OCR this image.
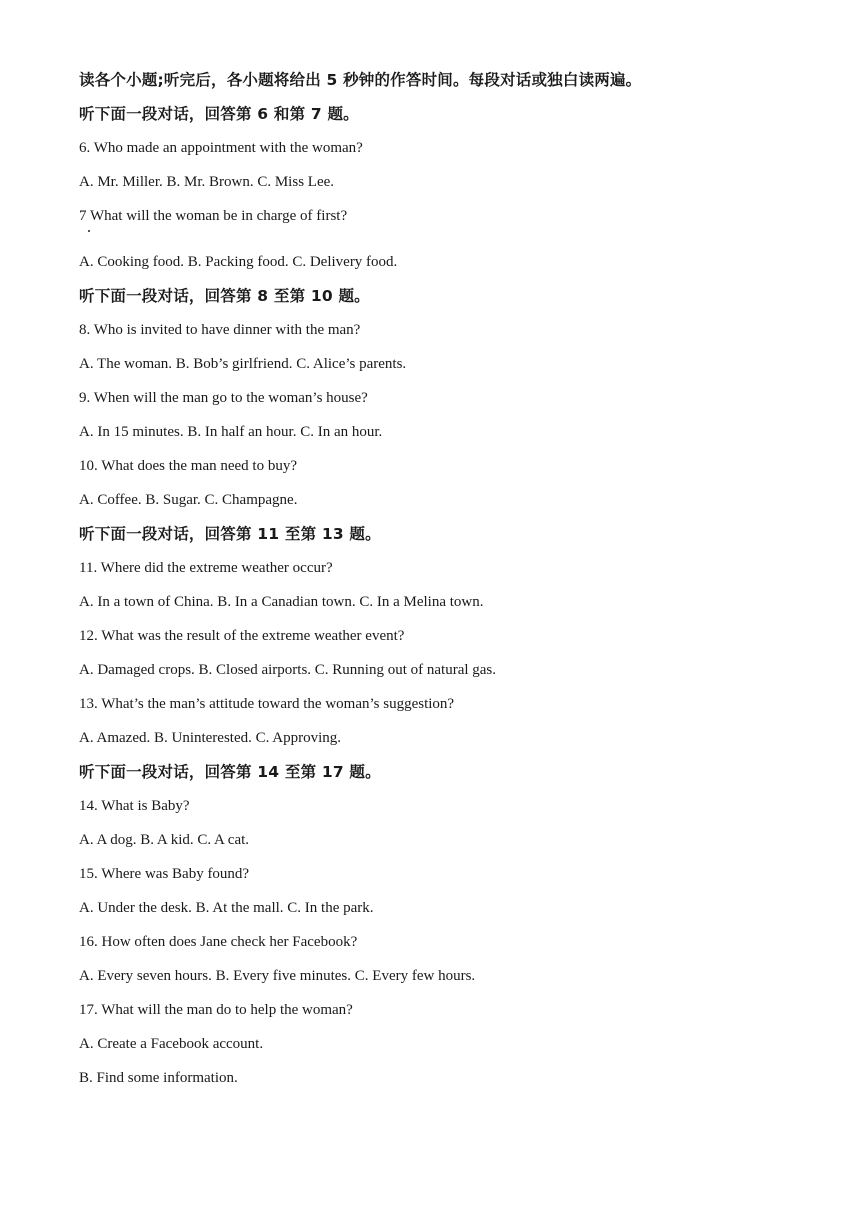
读各个小题;听完后，各小题将给出 5 秒钟的作答时间。每段对话或独白读两遍。

听下面一段对话，回答第 6 和第 7 题。

6. Who made an appointment with the woman?

A. Mr. Miller. B. Mr. Brown. C. Miss Lee.

7 What will the woman be in charge of first?

A. Cooking food. B. Packing food. C. Delivery food.

听下面一段对话，回答第 8 至第 10 题。

8. Who is invited to have dinner with the man?

A. The woman. B. Bob’s girlfriend. C. Alice’s parents.

9. When will the man go to the woman’s house?

A. In 15 minutes. B. In half an hour. C. In an hour.

10. What does the man need to buy?

A. Coffee. B. Sugar. C. Champagne.

听下面一段对话，回答第 11 至第 13 题。

11. Where did the extreme weather occur?

A. In a town of China. B. In a Canadian town. C. In a Melina town.

12. What was the result of the extreme weather event?

A. Damaged crops. B. Closed airports. C. Running out of natural gas.

13. What’s the man’s attitude toward the woman’s suggestion?

A. Amazed. B. Uninterested. C. Approving.

听下面一段对话，回答第 14 至第 17 题。

14. What is Baby?

A. A dog. B. A kid. C. A cat.

15. Where was Baby found?

A. Under the desk. B. At the mall. C. In the park.

16. How often does Jane check her Facebook?

A. Every seven hours. B. Every five minutes. C. Every few hours.

17. What will the man do to help the woman?

A. Create a Facebook account.

B. Find some information.
